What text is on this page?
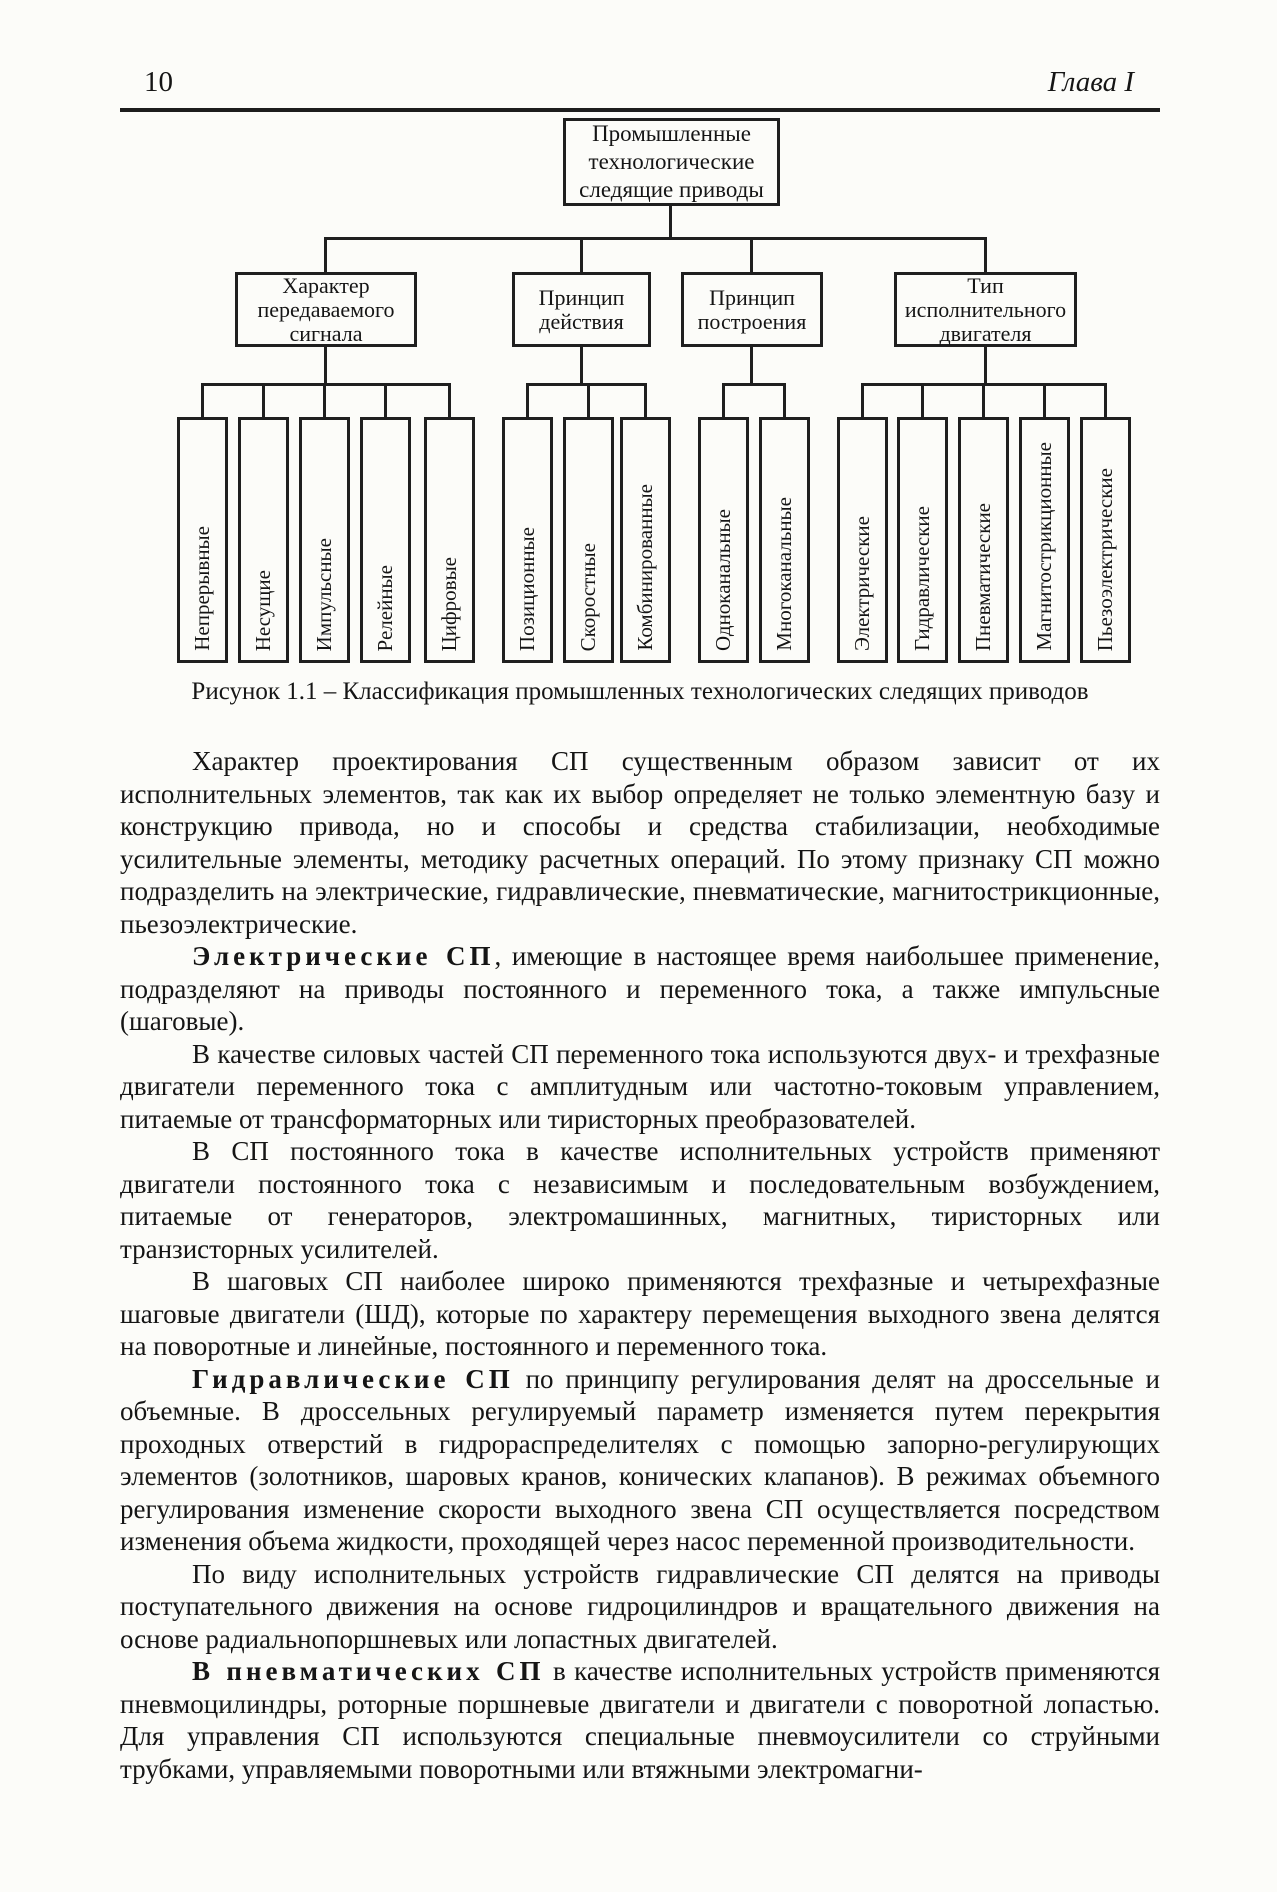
10	Глава I
Промышленные технологические следящие приводы
Характер передаваемого сигнала
Принцип действия
Принцип построения
Тип исполнительного двигателя
Непрерывные Несущие Импульсные Релейные Цифровые	Позиционные Скоростные Комбинированные	Одноканальные Многоканальные	Электрические Гидравлические Пневматические Магнитострикционные Пьезоэлектрические
Рисунок 1.1 – Классификация промышленных технологических следящих приводов

Характер проектирования СП существенным образом зависит от их исполнительных элементов, так как их выбор определяет не только элементную базу и конструкцию привода, но и способы и средства стабилизации, необходимые усилительные элементы, методику расчетных операций. По этому признаку СП можно подразделить на электрические, гидравлические, пневматические, магнитострикционные, пьезоэлектрические.

Электрические СП, имеющие в настоящее время наибольшее применение, подразделяют на приводы постоянного и переменного тока, а также импульсные (шаговые).

В качестве силовых частей СП переменного тока используются двух- и трехфазные двигатели переменного тока с амплитудным или частотно-токовым управлением, питаемые от трансформаторных или тиристорных преобразователей.

В СП постоянного тока в качестве исполнительных устройств применяют двигатели постоянного тока с независимым и последовательным возбуждением, питаемые от генераторов, электромашинных, магнитных, тиристорных или транзисторных усилителей.

В шаговых СП наиболее широко применяются трехфазные и четырехфазные шаговые двигатели (ШД), которые по характеру перемещения выходного звена делятся на поворотные и линейные, постоянного и переменного тока.

Гидравлические СП по принципу регулирования делят на дроссельные и объемные. В дроссельных регулируемый параметр изменяется путем перекрытия проходных отверстий в гидрораспределителях с помощью запорно-регулирующих элементов (золотников, шаровых кранов, конических клапанов). В режимах объемного регулирования изменение скорости выходного звена СП осуществляется посредством изменения объема жидкости, проходящей через насос переменной производительности.

По виду исполнительных устройств гидравлические СП делятся на приводы поступательного движения на основе гидроцилиндров и вращательного движения на основе радиальнопоршневых или лопастных двигателей.

В пневматических СП в качестве исполнительных устройств применяются пневмоцилиндры, роторные поршневые двигатели и двигатели с поворотной лопастью. Для управления СП используются специальные пневмоусилители со струйными трубками, управляемыми поворотными или втяжными электромагни-
